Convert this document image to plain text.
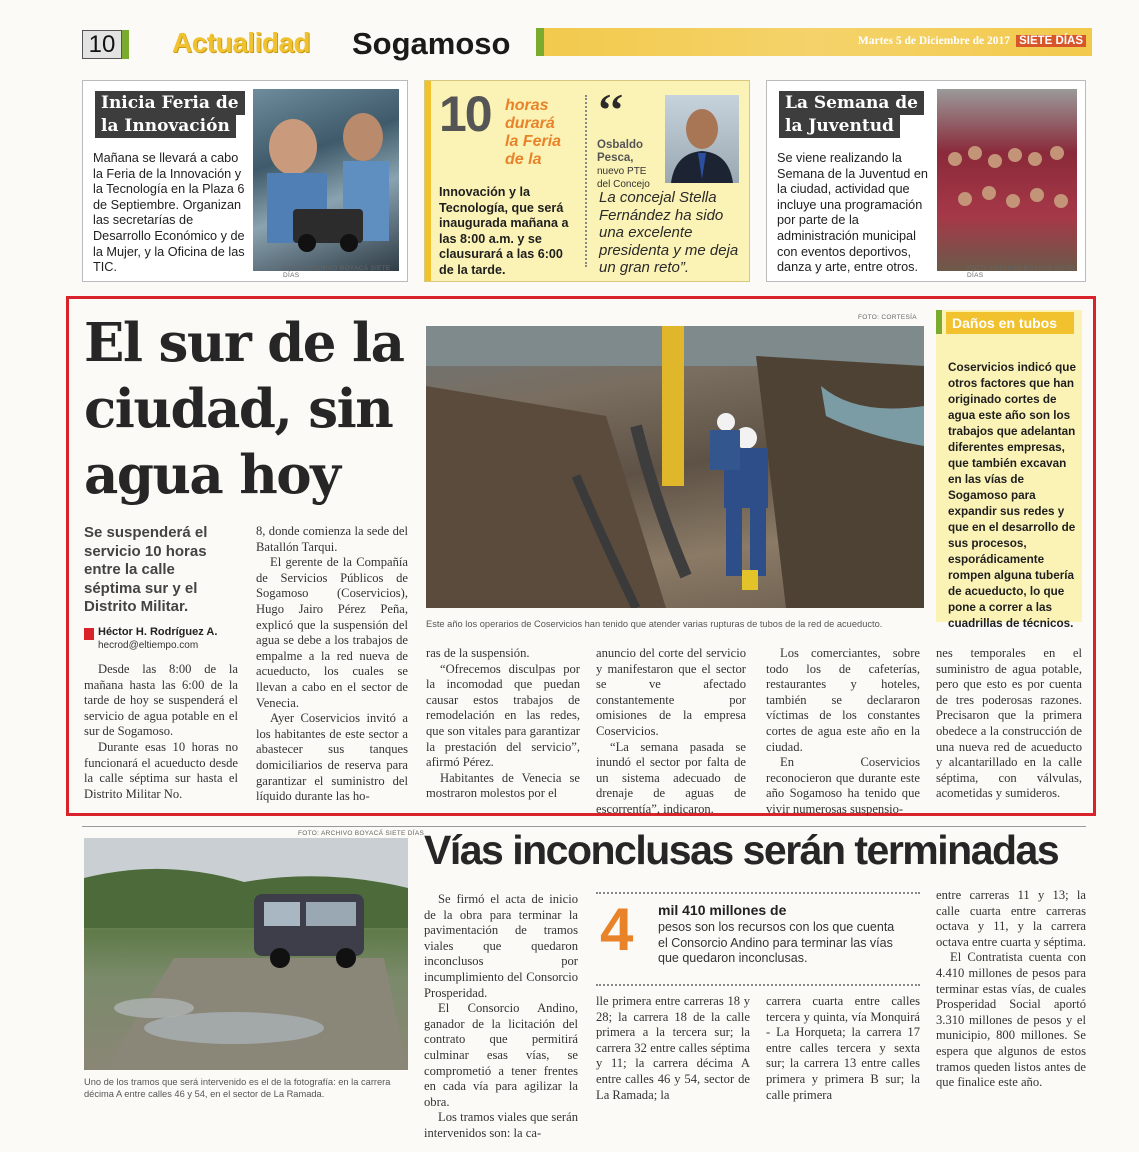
10 Actualidad Sogamoso	Martes 5 de Diciembre de 2017 SIETE DÍAS
Inicia Feria de
la Innovación
Mañana se llevará a cabo la Feria de la Innovación y la Tecnología en la Plaza 6 de Septiembre. Organizan las secretarías de Desarrollo Económico y de la Mujer, y la Oficina de las TIC.	FOTO: ARCHIVO BOYACÁ SIETE DÍAS
10 horas
durará
la Feria
de la
Innovación y la Tecnología, que será inaugurada mañana a las 8:00 a.m. y se clausurará a las 6:00 de la tarde.
‘‘
Osbaldo
Pesca,
nuevo PTE
del Concejo
La concejal Stella Fernández ha sido una excelente presidenta y me deja un gran reto”.
La Semana de
la Juventud
Se viene realizando la Semana de la Juventud en la ciudad, actividad que incluye una programación por parte de la administración municipal con eventos deportivos, danza y arte, entre otros.	FOTO: ARCHIVO BOYACÁ SIETE DÍAS
El sur de la
ciudad, sin
agua hoy
Se suspenderá el servicio 10 horas entre la calle séptima sur y el Distrito Militar.
Héctor H. Rodríguez A.
hecrod@eltiempo.com
FOTO: CORTESÍA
Este año los operarios de Coservicios han tenido que atender varias rupturas de tubos de la red de acueducto.
Daños en tubos
Coservicios indicó que otros factores que han originado cortes de agua este año son los trabajos que adelantan diferentes empresas, que también excavan en las vías de Sogamoso para expandir sus redes y que en el desarrollo de sus procesos, esporádicamente rompen alguna tubería de acueducto, lo que pone a correr a las cuadrillas de técnicos.

Desde las 8:00 de la mañana hasta las 6:00 de la tarde de hoy se suspenderá el servicio de agua potable en el sur de Sogamoso.

Durante esas 10 horas no funcionará el acueducto desde la calle séptima sur hasta el Distrito Militar No.

8, donde comienza la sede del Batallón Tarqui.

El gerente de la Compañía de Servicios Públicos de Sogamoso (Coservicios), Hugo Jairo Pérez Peña, explicó que la suspensión del agua se debe a los trabajos de empalme a la red nueva de acueducto, los cuales se llevan a cabo en el sector de Venecia.

Ayer Coservicios invitó a los habitantes de este sector a abastecer sus tanques domiciliarios de reserva para garantizar el suministro del líquido durante las ho-

ras de la suspensión.

“Ofrecemos disculpas por la incomodad que puedan causar estos trabajos de remodelación en las redes, que son vitales para garantizar la prestación del servicio”, afirmó Pérez.

Habitantes de Venecia se mostraron molestos por el

anuncio del corte del servicio y manifestaron que el sector se ve afectado constantemente por omisiones de la empresa Coservicios.

“La semana pasada se inundó el sector por falta de un sistema adecuado de drenaje de aguas de escorrentía”, indicaron.

Los comerciantes, sobre todo los de cafeterías, restaurantes y hoteles, también se declararon víctimas de los constantes cortes de agua este año en la ciudad.

En Coservicios reconocieron que durante este año Sogamoso ha tenido que vivir numerosas suspensio-

nes temporales en el suministro de agua potable, pero que esto es por cuenta de tres poderosas razones. Precisaron que la primera obedece a la construcción de una nueva red de acueducto y alcantarillado en la calle séptima, con válvulas, acometidas y sumideros.

FOTO: ARCHIVO BOYACÁ SIETE DÍAS
Uno de los tramos que será intervenido es el de la fotografía: en la carrera décima A entre calles 46 y 54, en el sector de La Ramada.
Vías inconclusas serán terminadas

Se firmó el acta de inicio de la obra para terminar la pavimentación de tramos viales que quedaron inconclusos por incumplimiento del Consorcio Prosperidad.

El Consorcio Andino, ganador de la licitación del contrato que permitirá culminar esas vías, se comprometió a tener frentes en cada vía para agilizar la obra.

Los tramos viales que serán intervenidos son: la ca-

4 mil 410 millones de
pesos son los recursos con los que cuenta el Consorcio Andino para terminar las vías que quedaron inconclusas.

lle primera entre carreras 18 y 28; la carrera 18 de la calle primera a la tercera sur; la carrera 32 entre calles séptima y 11; la carrera décima A entre calles 46 y 54, sector de La Ramada; la

carrera cuarta entre calles tercera y quinta, vía Monquirá - La Horqueta; la carrera 17 entre calles tercera y sexta sur; la carrera 13 entre calles primera y primera B sur; la calle primera

entre carreras 11 y 13; la calle cuarta entre carreras octava y 11, y la carrera octava entre cuarta y séptima.

El Contratista cuenta con 4.410 millones de pesos para terminar estas vías, de cuales Prosperidad Social aportó 3.310 millones de pesos y el municipio, 800 millones. Se espera que algunos de estos tramos queden listos antes de que finalice este año.
